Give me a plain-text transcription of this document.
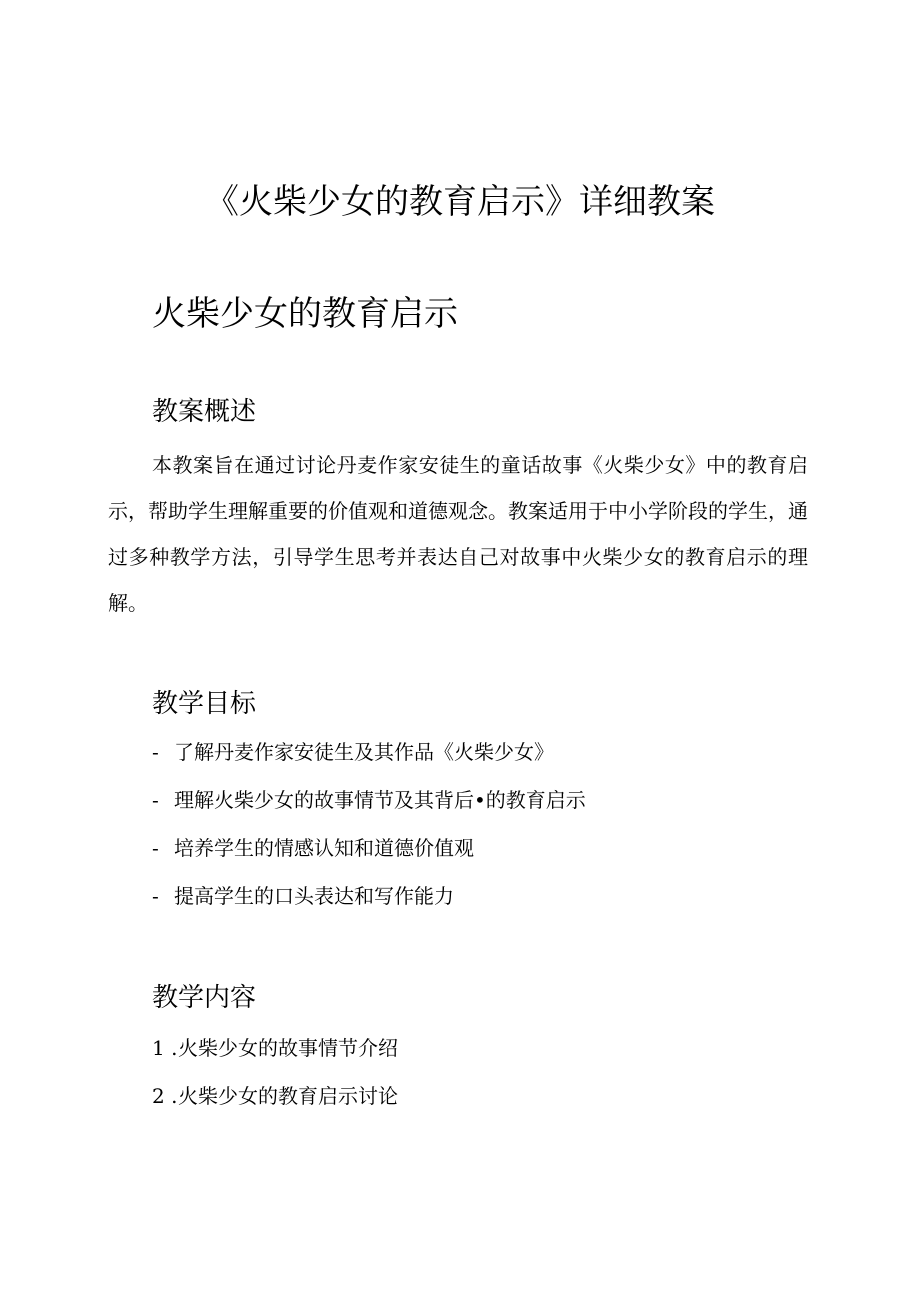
《火柴少女的教育启示》详细教案
火柴少女的教育启示
教案概述

本教案旨在通过讨论丹麦作家安徒生的童话故事《火柴少女》中的教育启示，帮助学生理解重要的价值观和道德观念。教案适用于中小学阶段的学生，通过多种教学方法，引导学生思考并表达自己对故事中火柴少女的教育启示的理解。

教学目标
- 了解丹麦作家安徒生及其作品《火柴少女》
- 理解火柴少女的故事情节及其背后•的教育启示
- 培养学生的情感认知和道德价值观
- 提高学生的口头表达和写作能力
教学内容
1 .火柴少女的故事情节介绍
2 .火柴少女的教育启示讨论
